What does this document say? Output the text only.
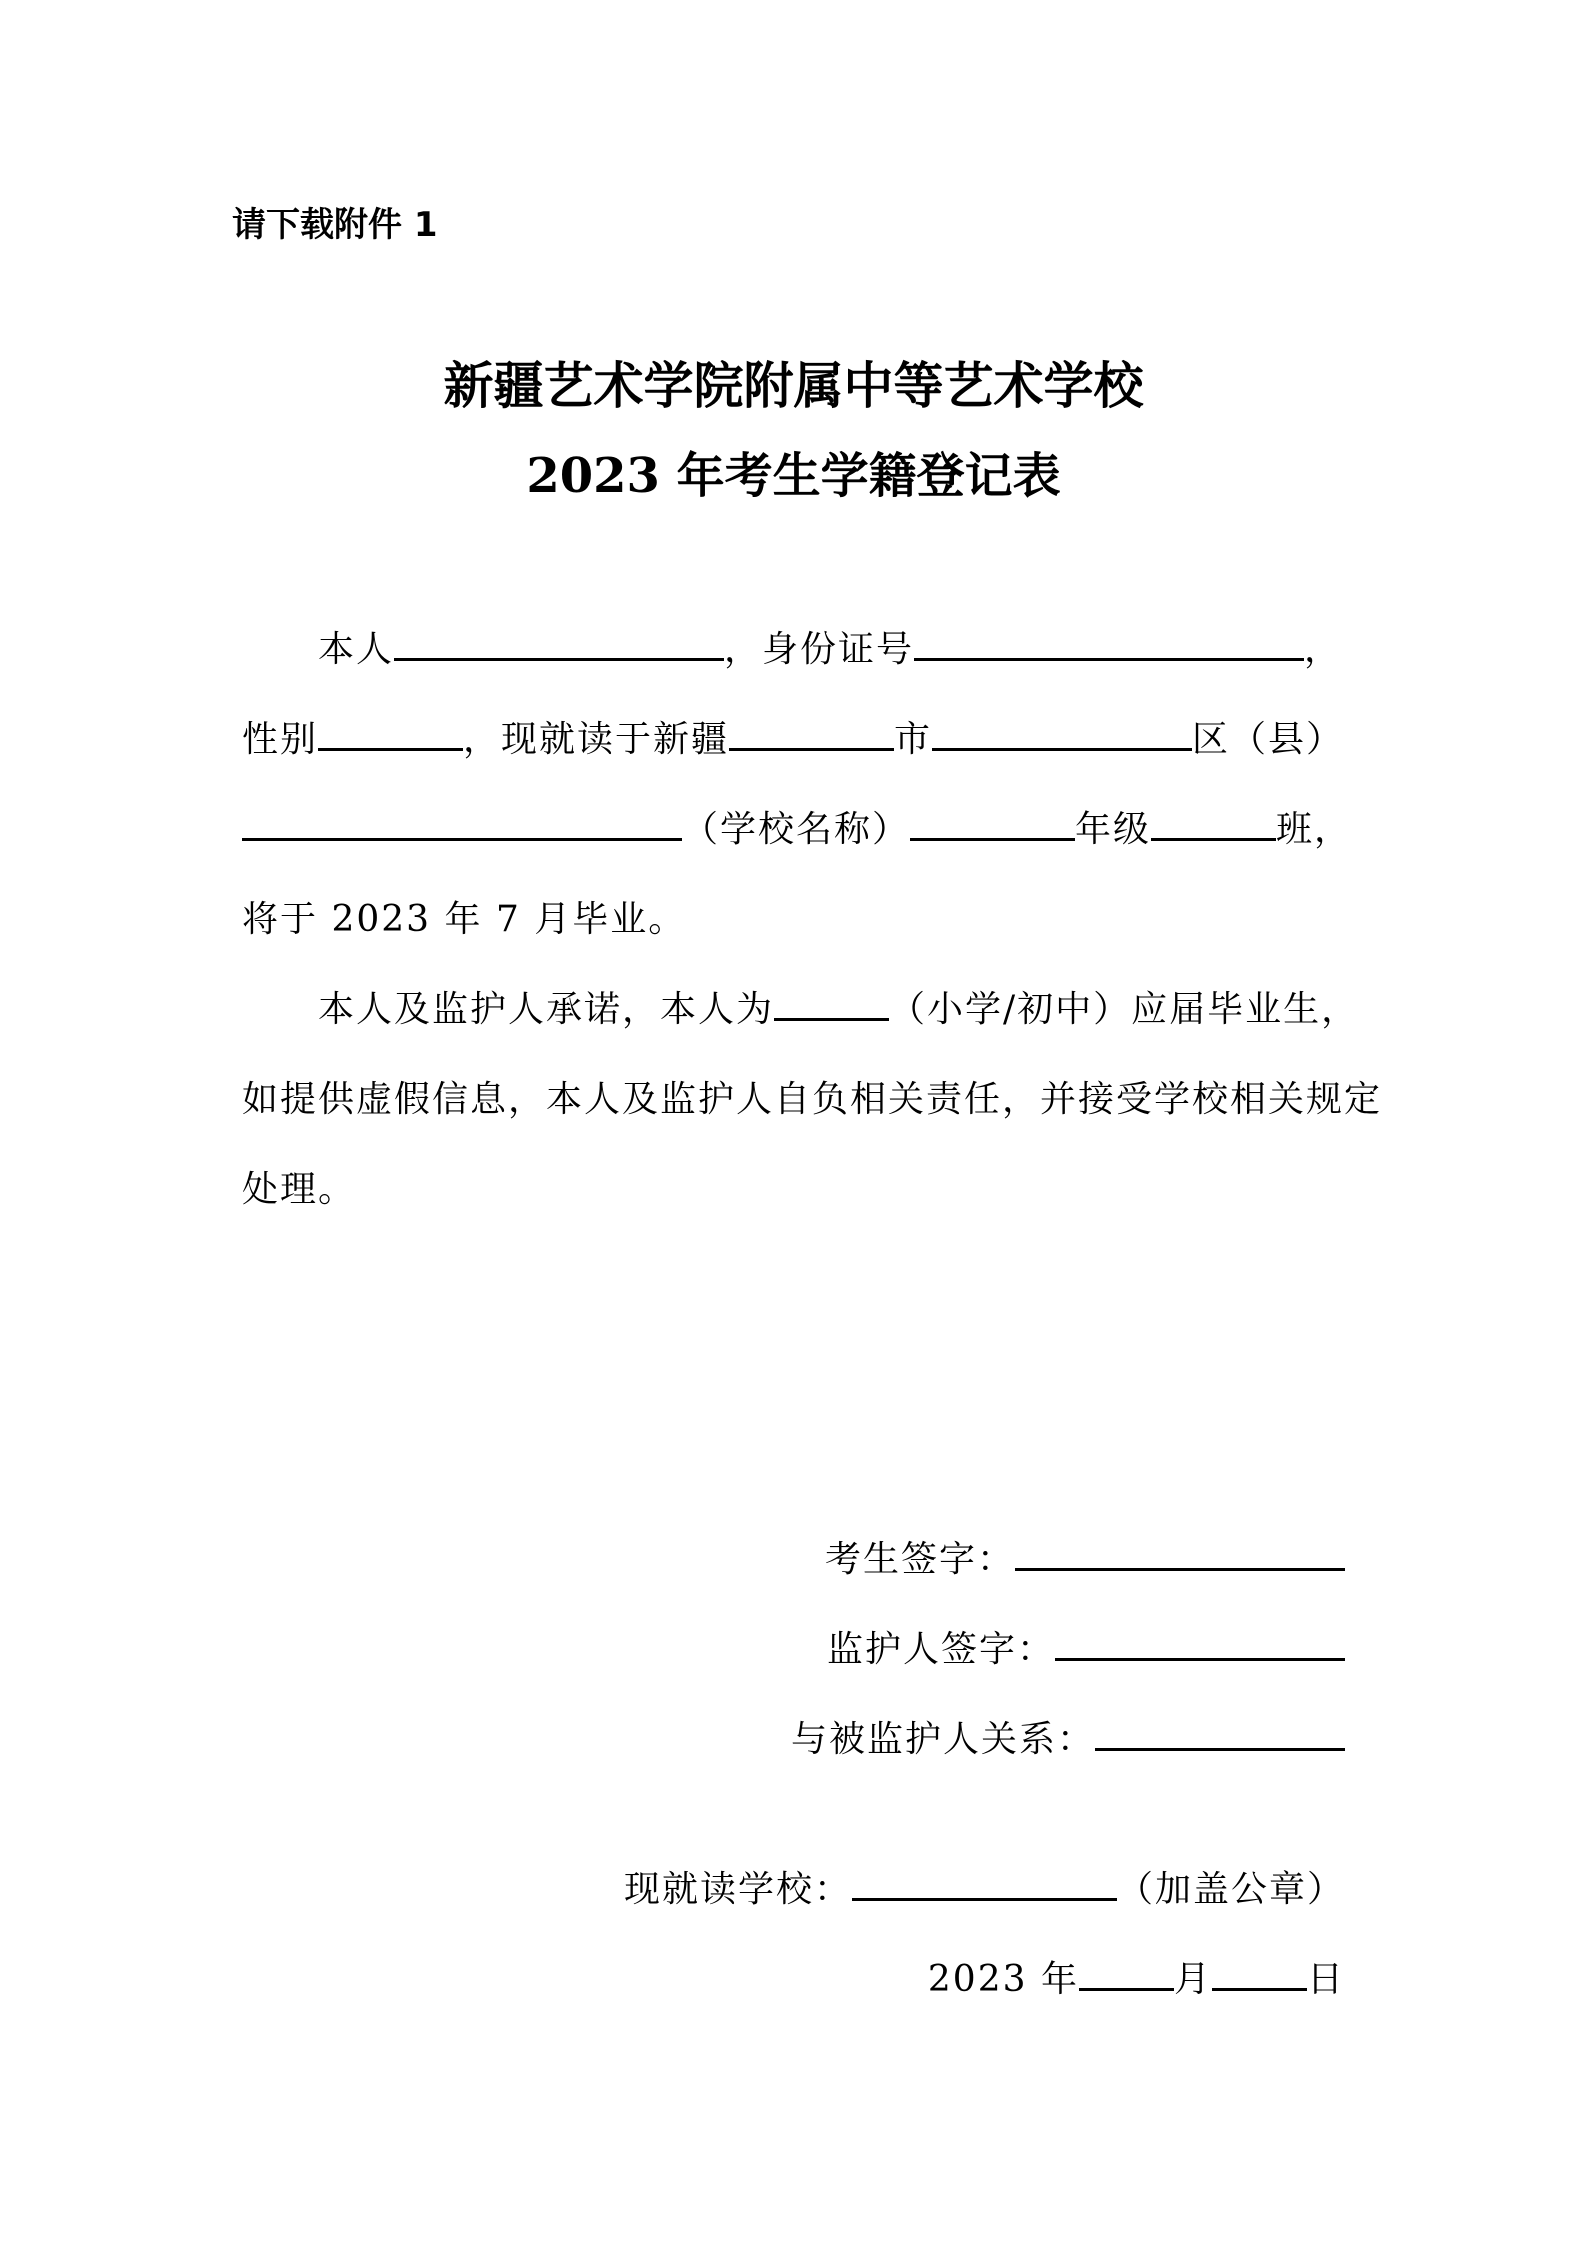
请下载附件 1
新疆艺术学院附属中等艺术学校
2023 年考生学籍登记表
本人	，身份证号	，
性别	，现就读于新疆	市	区（县）
（学校名称）	年级	班，
将于 2023 年 7 月毕业。
本人及监护人承诺，本人为	（小学/初中）应届毕业生，
如提供虚假信息，本人及监护人自负相关责任，并接受学校相关规定
处理。
考生签字：
监护人签字：
与被监护人关系：
现就读学校：	（加盖公章）
2023 年	月	日
